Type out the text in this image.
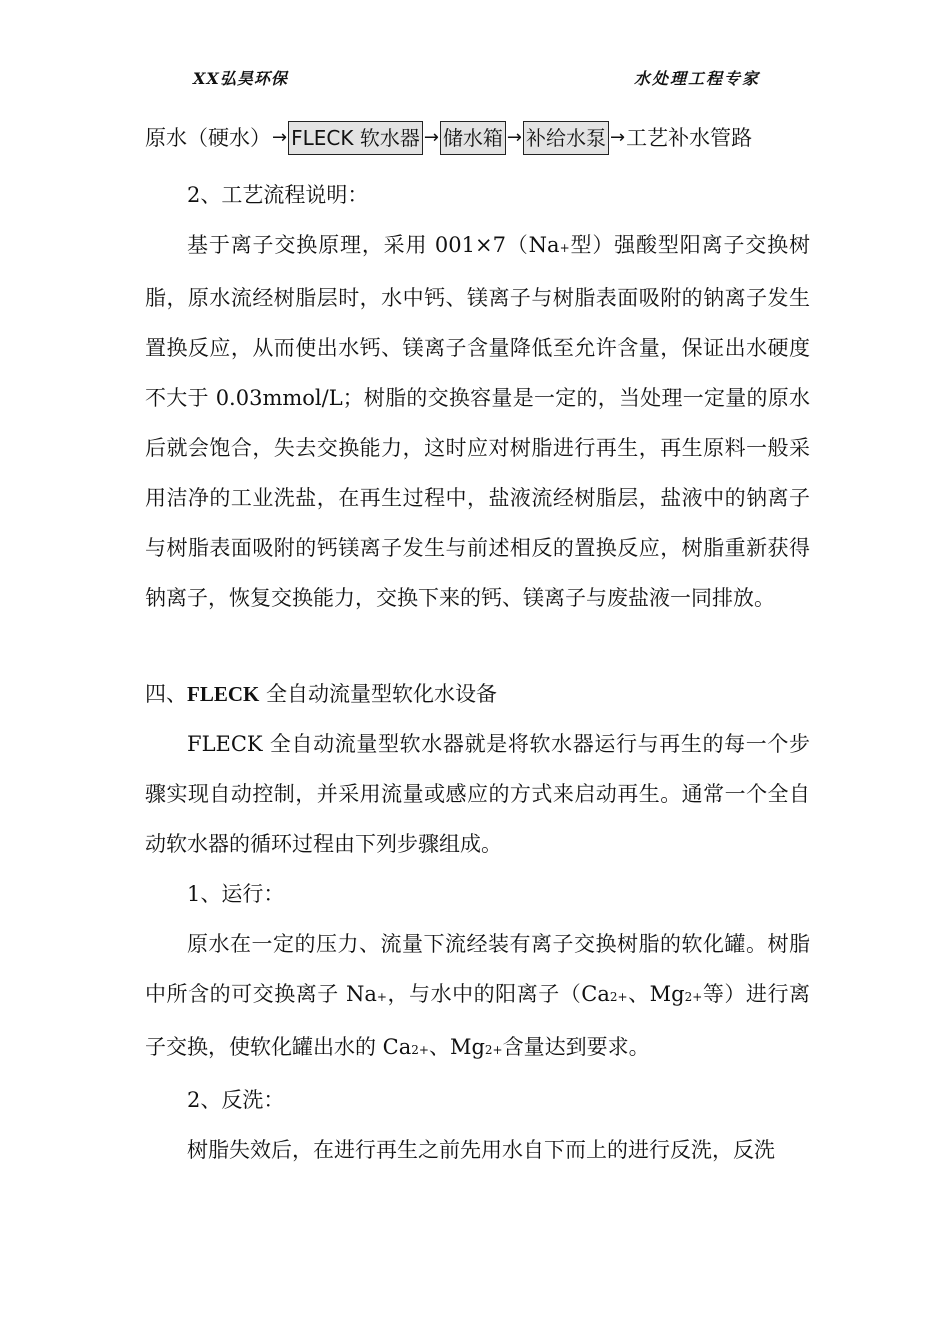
XX弘昊环保	水处理工程专家
原水（硬水） → FLECK 软水器 → 储水箱 → 补给水泵 → 工艺补水管路

2、工艺流程说明：

基于离子交换原理，采用 001×7（Na+型）强酸型阳离子交换树脂，原水流经树脂层时，水中钙、镁离子与树脂表面吸附的钠离子发生置换反应，从而使出水钙、镁离子含量降低至允许含量，保证出水硬度不大于 0.03mmol/L；树脂的交换容量是一定的，当处理一定量的原水后就会饱合，失去交换能力，这时应对树脂进行再生，再生原料一般采用洁净的工业洗盐，在再生过程中，盐液流经树脂层，盐液中的钠离子与树脂表面吸附的钙镁离子发生与前述相反的置换反应，树脂重新获得钠离子，恢复交换能力，交换下来的钙、镁离子与废盐液一同排放。

四、FLECK 全自动流量型软化水设备

FLECK 全自动流量型软水器就是将软水器运行与再生的每一个步骤实现自动控制，并采用流量或感应的方式来启动再生。通常一个全自动软水器的循环过程由下列步骤组成。

1、运行：

原水在一定的压力、流量下流经装有离子交换树脂的软化罐。树脂中所含的可交换离子 Na+，与水中的阳离子（Ca2+、Mg2+等）进行离子交换，使软化罐出水的 Ca2+、Mg2+含量达到要求。

2、反洗：

树脂失效后，在进行再生之前先用水自下而上的进行反洗，反洗
